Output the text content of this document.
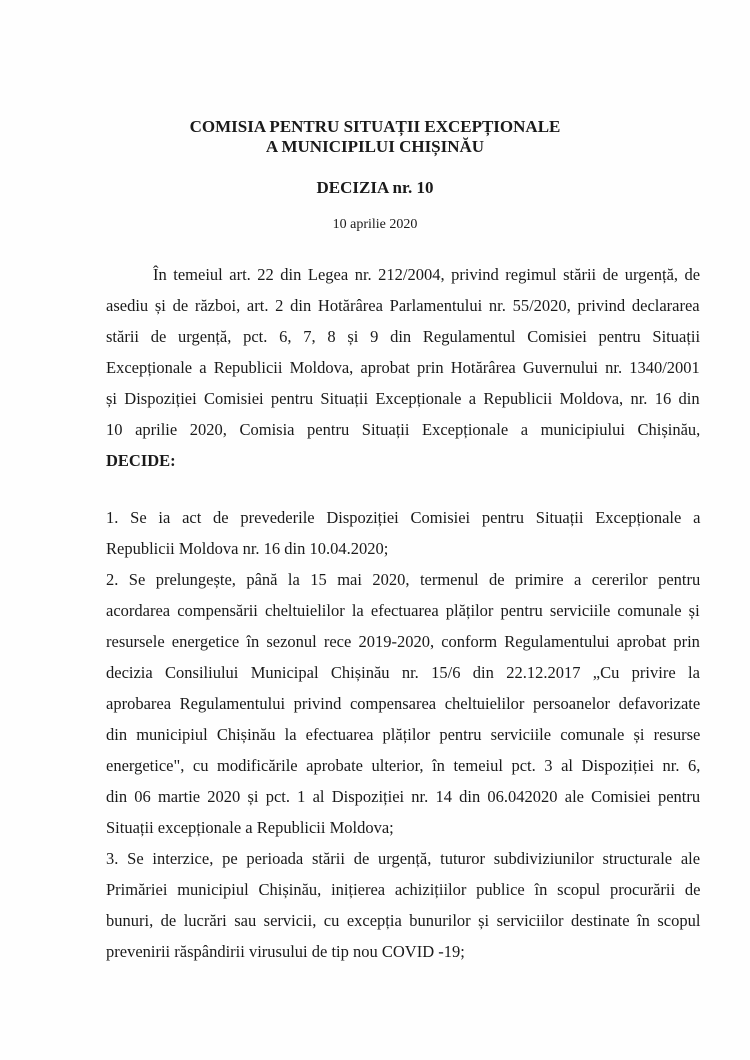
COMISIA PENTRU SITUAȚII EXCEPȚIONALE
A MUNICIPILUI CHIȘINĂU
DECIZIA nr. 10
10 aprilie 2020
În temeiul art. 22 din Legea nr. 212/2004, privind regimul stării de urgență, de
asediu și de război, art. 2 din Hotărârea Parlamentului nr. 55/2020, privind declararea
stării de urgență, pct. 6, 7, 8 și 9 din Regulamentul Comisiei pentru Situații
Excepționale a Republicii Moldova, aprobat prin Hotărârea Guvernului nr. 1340/2001
și Dispoziției Comisiei pentru Situații Excepționale a Republicii Moldova, nr. 16 din
10 aprilie 2020, Comisia pentru Situații Excepționale a municipiului Chișinău,
DECIDE:
1. Se ia act de prevederile Dispoziției Comisiei pentru Situații Excepționale a
Republicii Moldova nr. 16 din 10.04.2020;
2. Se prelungește, până la 15 mai 2020, termenul de primire a cererilor pentru
acordarea compensării cheltuielilor la efectuarea plăților pentru serviciile comunale și
resursele energetice în sezonul rece 2019-2020, conform Regulamentului aprobat prin
decizia Consiliului Municipal Chișinău nr. 15/6 din 22.12.2017 „Cu privire la
aprobarea Regulamentului privind compensarea cheltuielilor persoanelor defavorizate
din municipiul Chișinău la efectuarea plăților pentru serviciile comunale și resurse
energetice", cu modificările aprobate ulterior, în temeiul pct. 3 al Dispoziției nr. 6,
din 06 martie 2020 și pct. 1 al Dispoziției nr. 14 din 06.042020 ale Comisiei pentru
Situații excepționale a Republicii Moldova;
3. Se interzice, pe perioada stării de urgență, tuturor subdiviziunilor structurale ale
Primăriei municipiul Chișinău, inițierea achizițiilor publice în scopul procurării de
bunuri, de lucrări sau servicii, cu excepția bunurilor și serviciilor destinate în scopul
prevenirii răspândirii virusului de tip nou COVID -19;
